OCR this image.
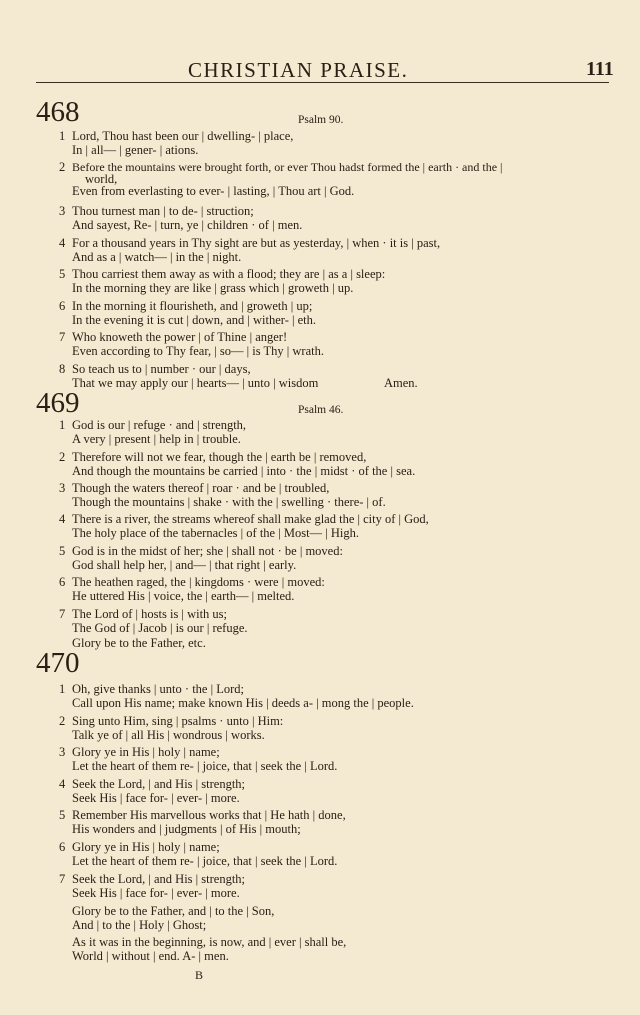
CHRISTIAN PRAISE.	111
468	Psalm 90.
1 Lord, Thou hast been our | dwelling- | place,
In | all— | gener- | ations.
2 Before the mountains were brought forth, or ever Thou hadst formed the | earth · and the |
world,
Even from everlasting to ever- | lasting, | Thou art | God.
3 Thou turnest man | to de- | struction;
And sayest, Re- | turn, ye | children · of | men.
4 For a thousand years in Thy sight are but as yesterday, | when · it is | past,
And as a | watch— | in the | night.
5 Thou carriest them away as with a flood; they are | as a | sleep:
In the morning they are like | grass which | groweth | up.
6 In the morning it flourisheth, and | groweth | up;
In the evening it is cut | down, and | wither- | eth.
7 Who knoweth the power | of Thine | anger!
Even according to Thy fear, | so— | is Thy | wrath.
8 So teach us to | number · our | days,
That we may apply our | hearts— | unto | wisdom	Amen.
469	Psalm 46.
1 God is our | refuge · and | strength,
A very | present | help in | trouble.
2 Therefore will not we fear, though the | earth be | removed,
And though the mountains be carried | into · the | midst · of the | sea.
3 Though the waters thereof | roar · and be | troubled,
Though the mountains | shake · with the | swelling · there- | of.
4 There is a river, the streams whereof shall make glad the | city of | God,
The holy place of the tabernacles | of the | Most— | High.
5 God is in the midst of her; she | shall not · be | moved:
God shall help her, | and— | that right | early.
6 The heathen raged, the | kingdoms · were | moved:
He uttered His | voice, the | earth— | melted.
7 The Lord of | hosts is | with us;
The God of | Jacob | is our | refuge.
Glory be to the Father, etc.
470
1 Oh, give thanks | unto · the | Lord;
Call upon His name; make known His | deeds a- | mong the | people.
2 Sing unto Him, sing | psalms · unto | Him:
Talk ye of | all His | wondrous | works.
3 Glory ye in His | holy | name;
Let the heart of them re- | joice, that | seek the | Lord.
4 Seek the Lord, | and His | strength;
Seek His | face for- | ever- | more.
5 Remember His marvellous works that | He hath | done,
His wonders and | judgments | of His | mouth;
6 Glory ye in His | holy | name;
Let the heart of them re- | joice, that | seek the | Lord.
7 Seek the Lord, | and His | strength;
Seek His | face for- | ever- | more.
Glory be to the Father, and | to the | Son,
And | to the | Holy | Ghost;
As it was in the beginning, is now, and | ever | shall be,
World | without | end. A- | men.
B
